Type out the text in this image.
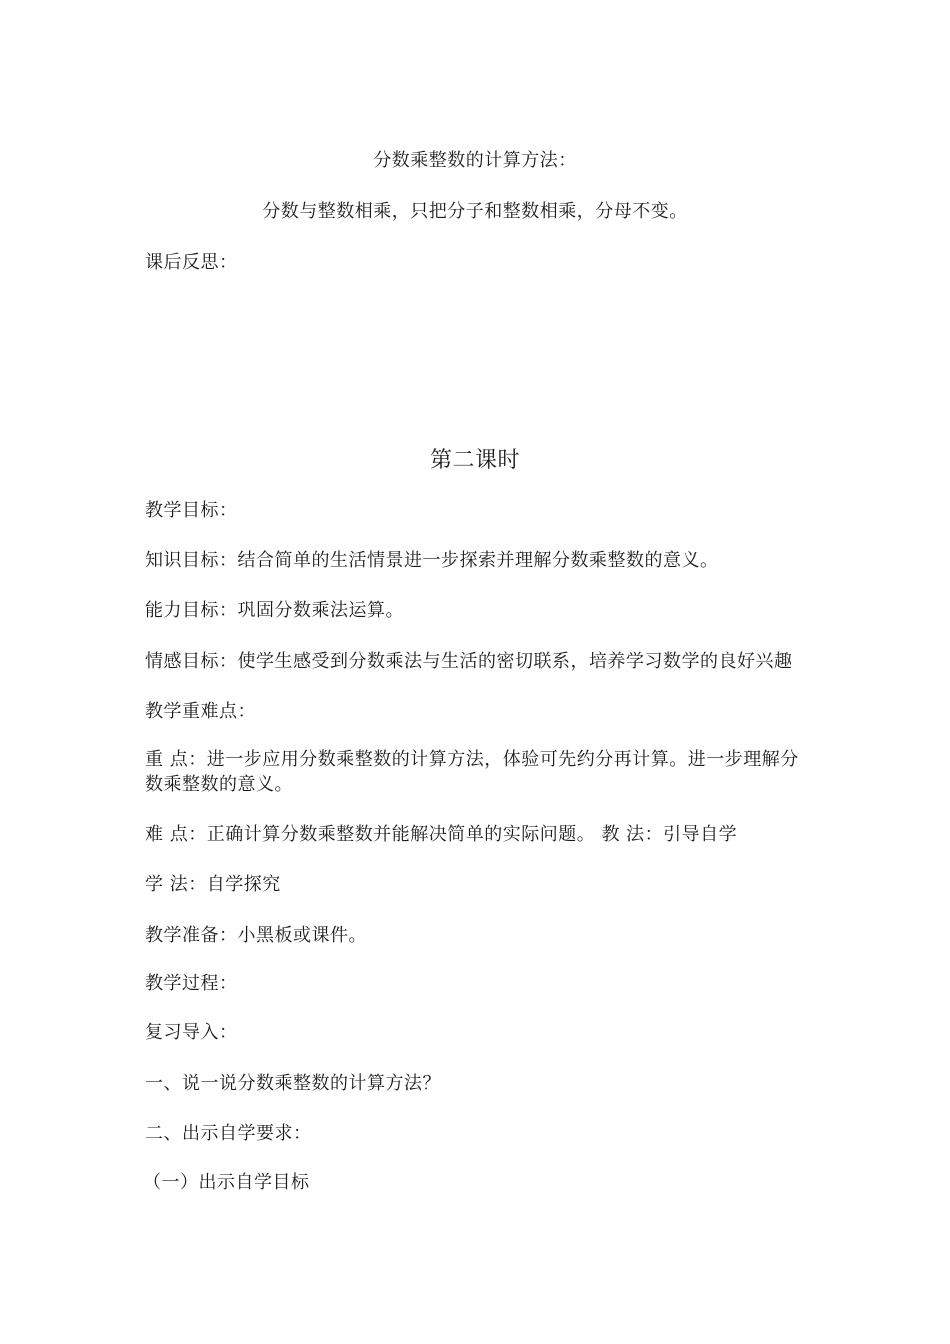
分数乘整数的计算方法：
分数与整数相乘，只把分子和整数相乘，分母不变。
课后反思：
第二课时
教学目标：
知识目标：结合简单的生活情景进一步探索并理解分数乘整数的意义。
能力目标：巩固分数乘法运算。
情感目标：使学生感受到分数乘法与生活的密切联系，培养学习数学的良好兴趣
教学重难点：
重 点：进一步应用分数乘整数的计算方法，体验可先约分再计算。进一步理解分
数乘整数的意义。
难 点：正确计算分数乘整数并能解决简单的实际问题。 教 法：引导自学
学 法：自学探究
教学准备：小黑板或课件。
教学过程：
复习导入：
一、说一说分数乘整数的计算方法？
二、出示自学要求：
（一）出示自学目标
